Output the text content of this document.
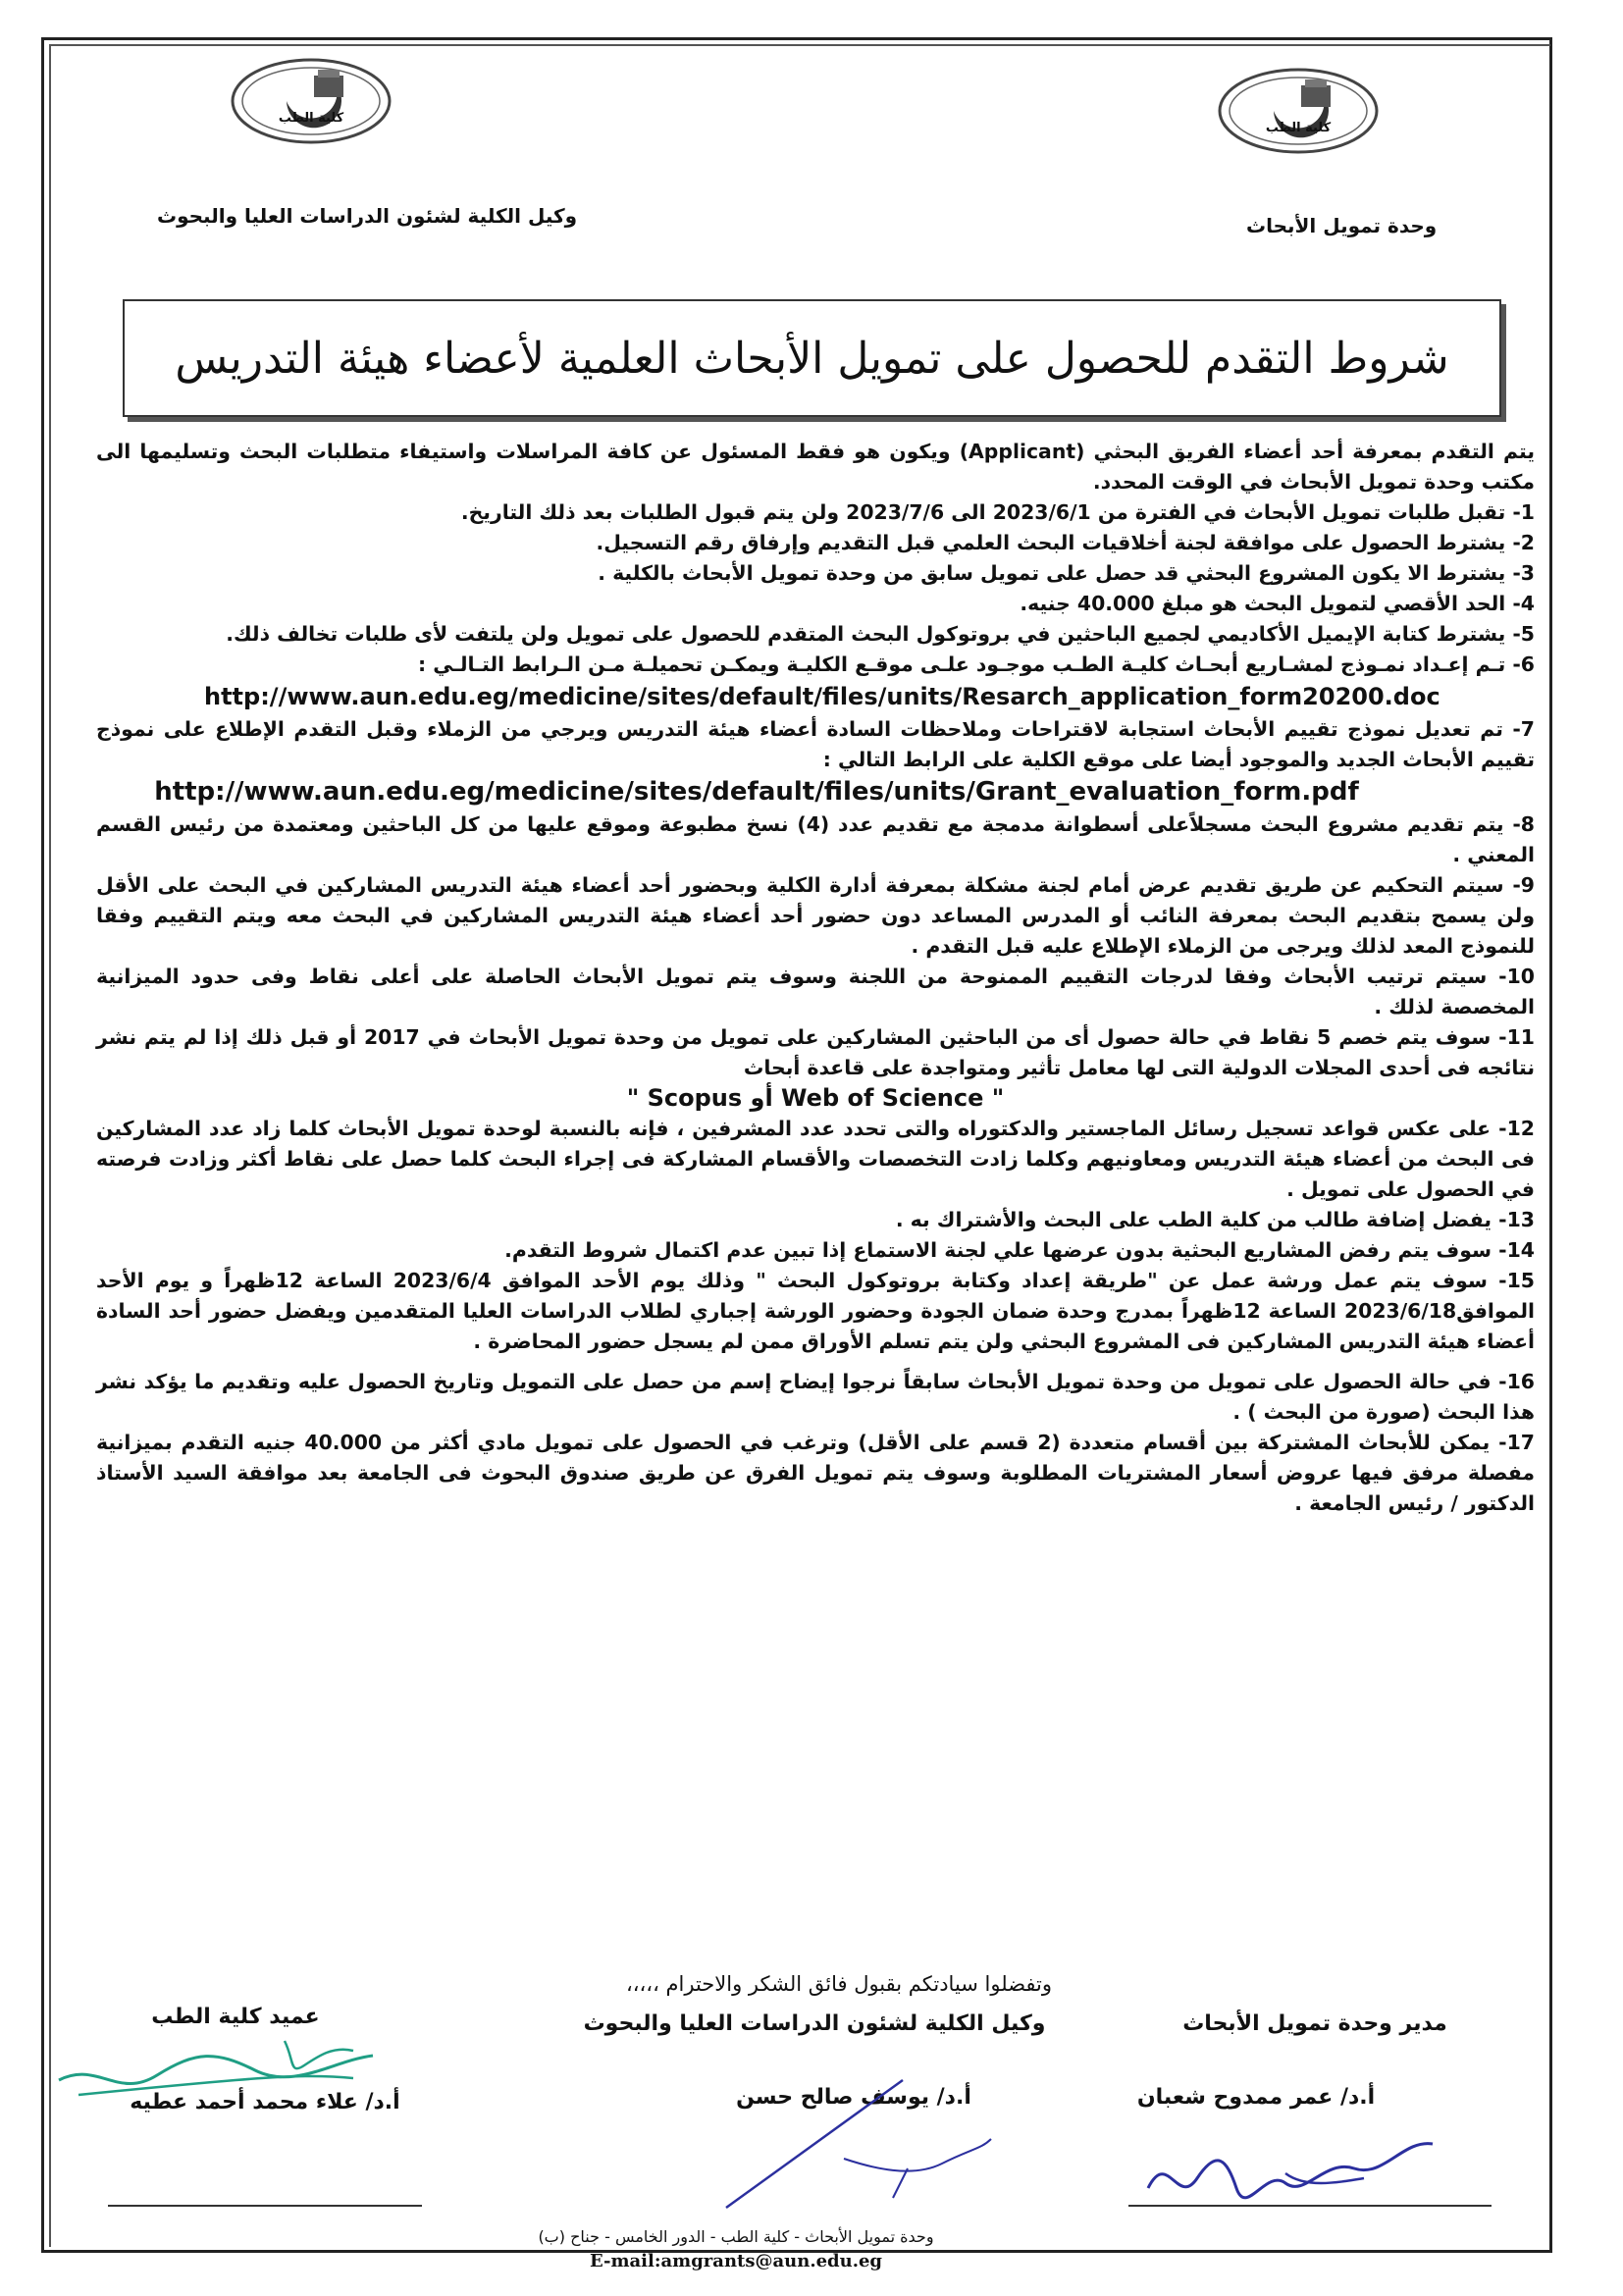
كلية الطب
كلية الطب
وكيل الكلية لشئون الدراسات العليا والبحوث	وحدة تمويل الأبحاث
شروط التقدم للحصول على تمويل الأبحاث العلمية لأعضاء هيئة التدريس

يتم التقدم بمعرفة أحد أعضاء الفريق البحثي (Applicant) ويكون هو فقط المسئول عن كافة المراسلات واستيفاء متطلبات البحث وتسليمها الى مكتب وحدة تمويل الأبحاث في الوقت المحدد.

1- تقبل طلبات تمويل الأبحاث في الفترة من 2023/6/1 الى 2023/7/6 ولن يتم قبول الطلبات بعد ذلك التاريخ.

2- يشترط الحصول على موافقة لجنة أخلاقيات البحث العلمي قبل التقديم وإرفاق رقم التسجيل.

3- يشترط الا يكون المشروع البحثي قد حصل على تمويل سابق من وحدة تمويل الأبحاث بالكلية .

4- الحد الأقصي لتمويل البحث هو مبلغ 40.000 جنيه.

5- يشترط كتابة الإيميل الأكاديمي لجميع الباحثين في بروتوكول البحث المتقدم للحصول على تمويل ولن يلتفت لأى طلبات تخالف ذلك.

6- تـم إعـداد نمـوذج لمشـاريع أبحـاث كليـة الطـب موجـود علـى موقـع الكليـة ويمكـن تحميلـة مـن الـرابط التـالـي :

http://www.aun.edu.eg/medicine/sites/default/files/units/Resarch_application_form20200.doc

7- تم تعديل نموذج تقييم الأبحاث استجابة لاقتراحات وملاحظات السادة أعضاء هيئة التدريس ويرجي من الزملاء وقبل التقدم الإطلاع على نموذج تقييم الأبحاث الجديد والموجود أيضا على موقع الكلية على الرابط التالي :

http://www.aun.edu.eg/medicine/sites/default/files/units/Grant_evaluation_form.pdf

8- يتم تقديم مشروع البحث مسجلاًعلى أسطوانة مدمجة مع تقديم عدد (4) نسخ مطبوعة وموقع عليها من كل الباحثين ومعتمدة من رئيس القسم المعني .

9- سيتم التحكيم عن طريق تقديم عرض أمام لجنة مشكلة بمعرفة أدارة الكلية وبحضور أحد أعضاء هيئة التدريس المشاركين في البحث على الأقل ولن يسمح بتقديم البحث بمعرفة النائب أو المدرس المساعد دون حضور أحد أعضاء هيئة التدريس المشاركين في البحث معه ويتم التقييم وفقا للنموذج المعد لذلك ويرجى من الزملاء الإطلاع عليه قبل التقدم .

10- سيتم ترتيب الأبحاث وفقا لدرجات التقييم الممنوحة من اللجنة وسوف يتم تمويل الأبحاث الحاصلة على أعلى نقاط وفى حدود الميزانية المخصصة لذلك .

11- سوف يتم خصم 5 نقاط في حالة حصول أى من الباحثين المشاركين على تمويل من وحدة تمويل الأبحاث في 2017 أو قبل ذلك إذا لم يتم نشر نتائجه فى أحدى المجلات الدولية التى لها معامل تأثير ومتواجدة على قاعدة أبحاث

" Web of Science أو Scopus "

12- على عكس قواعد تسجيل رسائل الماجستير والدكتوراه والتى تحدد عدد المشرفين ، فإنه بالنسبة لوحدة تمويل الأبحاث كلما زاد عدد المشاركين فى البحث من أعضاء هيئة التدريس ومعاونيهم وكلما زادت التخصصات والأقسام المشاركة فى إجراء البحث كلما حصل على نقاط أكثر وزادت فرصته في الحصول على تمويل .

13- يفضل إضافة طالب من كلية الطب على البحث والأشتراك به .

14- سوف يتم رفض المشاريع البحثية بدون عرضها علي لجنة الاستماع إذا تبين عدم اكتمال شروط التقدم.

15- سوف يتم عمل ورشة عمل عن "طريقة إعداد وكتابة بروتوكول البحث " وذلك يوم الأحد الموافق 2023/6/4 الساعة 12ظهراً و يوم الأحد الموافق2023/6/18 الساعة 12ظهراً بمدرج وحدة ضمان الجودة وحضور الورشة إجباري لطلاب الدراسات العليا المتقدمين ويفضل حضور أحد السادة أعضاء هيئة التدريس المشاركين فى المشروع البحثي ولن يتم تسلم الأوراق ممن لم يسجل حضور المحاضرة .

16- في حالة الحصول على تمويل من وحدة تمويل الأبحاث سابقاً نرجوا إيضاح إسم من حصل على التمويل وتاريخ الحصول عليه وتقديم ما يؤكد نشر هذا البحث (صورة من البحث ) .

17- يمكن للأبحاث المشتركة بين أقسام متعددة (2 قسم على الأقل) وترغب في الحصول على تمويل مادي أكثر من 40.000 جنيه التقدم بميزانية مفصلة مرفق فيها عروض أسعار المشتريات المطلوبة وسوف يتم تمويل الفرق عن طريق صندوق البحوث فى الجامعة بعد موافقة السيد الأستاذ الدكتور / رئيس الجامعة .

وتفضلوا سيادتكم بقبول فائق الشكر والاحترام ،،،،،
عميد كلية الطب	وكيل الكلية لشئون الدراسات العليا والبحوث	مدير وحدة تمويل الأبحاث
أ.د/ علاء محمد أحمد عطيه	أ.د/ يوسف صالح حسن	أ.د/ عمر ممدوح شعبان
وحدة تمويل الأبحاث - كلية الطب - الدور الخامس - جناح (ب)
E-mail:amgrants@aun.edu.eg
